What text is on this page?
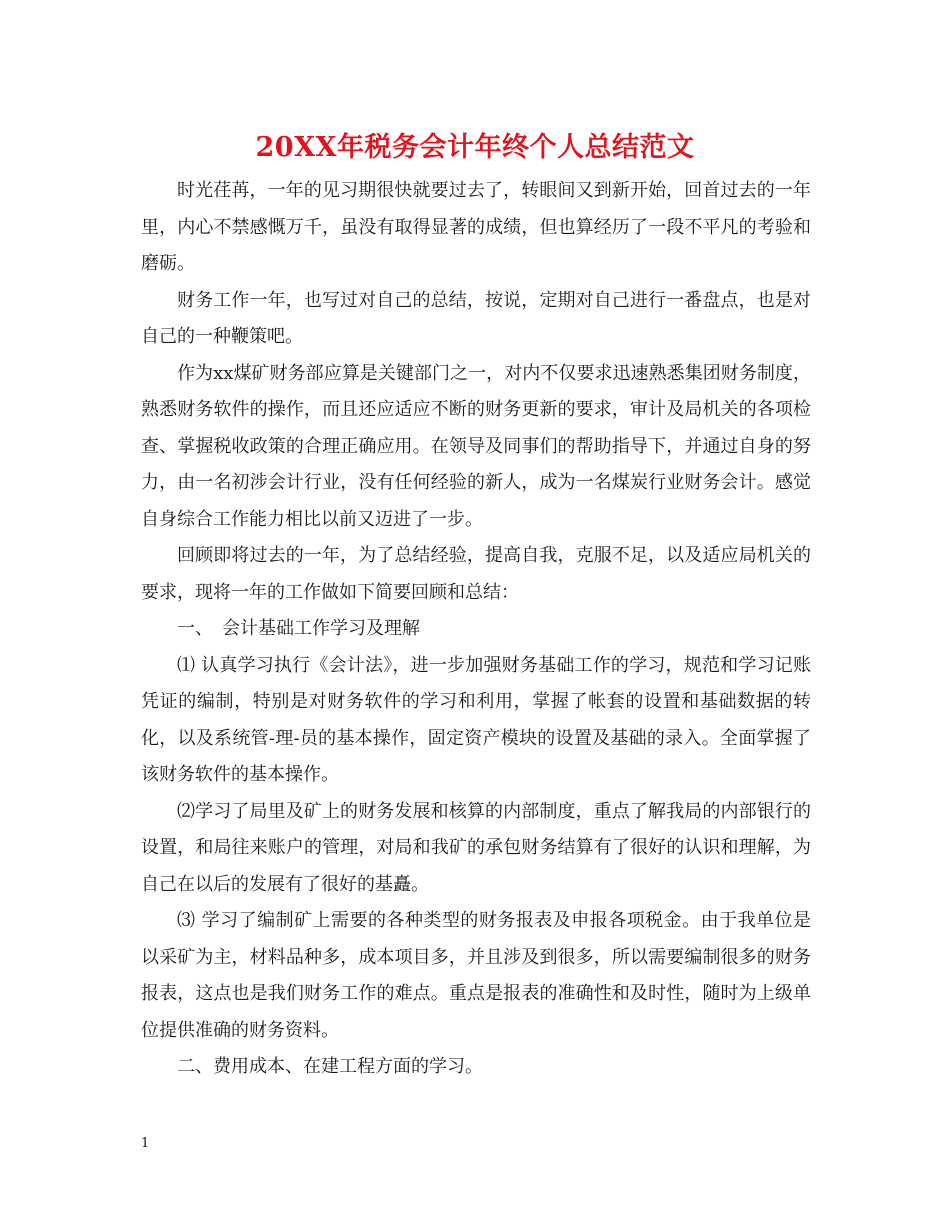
20XX年税务会计年终个人总结范文

时光荏苒，一年的见习期很快就要过去了，转眼间又到新开始，回首过去的一年里，内心不禁感慨万千，虽没有取得显著的成绩，但也算经历了一段不平凡的考验和磨砺。

财务工作一年，也写过对自己的总结，按说，定期对自己进行一番盘点，也是对自己的一种鞭策吧。

作为xx煤矿财务部应算是关键部门之一，对内不仅要求迅速熟悉集团财务制度，熟悉财务软件的操作，而且还应适应不断的财务更新的要求，审计及局机关的各项检查、掌握税收政策的合理正确应用。在领导及同事们的帮助指导下，并通过自身的努力，由一名初涉会计行业，没有任何经验的新人，成为一名煤炭行业财务会计。感觉自身综合工作能力相比以前又迈进了一步。

回顾即将过去的一年，为了总结经验，提高自我，克服不足，以及适应局机关的要求，现将一年的工作做如下简要回顾和总结：

一、　会计基础工作学习及理解

⑴ 认真学习执行《会计法》，进一步加强财务基础工作的学习，规范和学习记账凭证的编制，特别是对财务软件的学习和利用，掌握了帐套的设置和基础数据的转化，以及系统管-理-员的基本操作，固定资产模块的设置及基础的录入。全面掌握了该财务软件的基本操作。

⑵学习了局里及矿上的财务发展和核算的内部制度，重点了解我局的内部银行的设置，和局往来账户的管理，对局和我矿的承包财务结算有了很好的认识和理解，为自己在以后的发展有了很好的基矗。

⑶ 学习了编制矿上需要的各种类型的财务报表及申报各项税金。由于我单位是以采矿为主，材料品种多，成本项目多，并且涉及到很多，所以需要编制很多的财务报表，这点也是我们财务工作的难点。重点是报表的准确性和及时性，随时为上级单位提供准确的财务资料。

二、费用成本、在建工程方面的学习。

1
